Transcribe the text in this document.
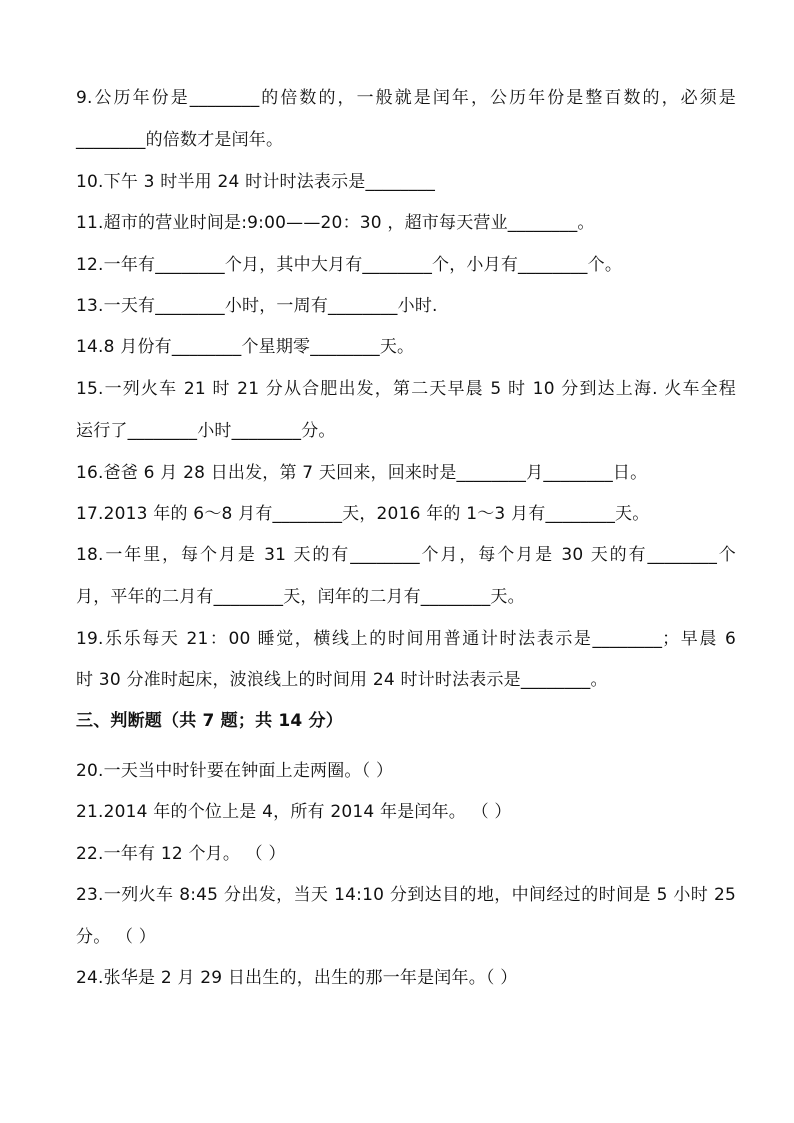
9.公历年份是________的倍数的，一般就是闰年，公历年份是整百数的，必须是
________的倍数才是闰年。
10.下午 3 时半用 24 时计时法表示是________
11.超市的营业时间是:9:00——20：30 ，超市每天营业________。
12.一年有________个月，其中大月有________个，小月有________个。
13.一天有________小时，一周有________小时.
14.8 月份有________个星期零________天。
15.一列火车 21 时 21 分从合肥出发，第二天早晨 5 时 10 分到达上海. 火车全程
运行了________小时________分。
16.爸爸 6 月 28 日出发，第 7 天回来，回来时是________月________日。
17.2013 年的 6～8 月有________天，2016 年的 1～3 月有________天。
18.一年里，每个月是 31 天的有________个月，每个月是 30 天的有________个
月，平年的二月有________天，闰年的二月有________天。
19.乐乐每天 21：00 睡觉，横线上的时间用普通计时法表示是________；早晨 6
时 30 分准时起床，波浪线上的时间用 24 时计时法表示是________。
三、判断题（共 7 题；共 14 分）
20.一天当中时针要在钟面上走两圈。（ ）
21.2014 年的个位上是 4，所有 2014 年是闰年。 （ ）
22.一年有 12 个月。 （ ）
23.一列火车 8:45 分出发，当天 14:10 分到达目的地，中间经过的时间是 5 小时 25
分。 （ ）
24.张华是 2 月 29 日出生的，出生的那一年是闰年。（ ）
